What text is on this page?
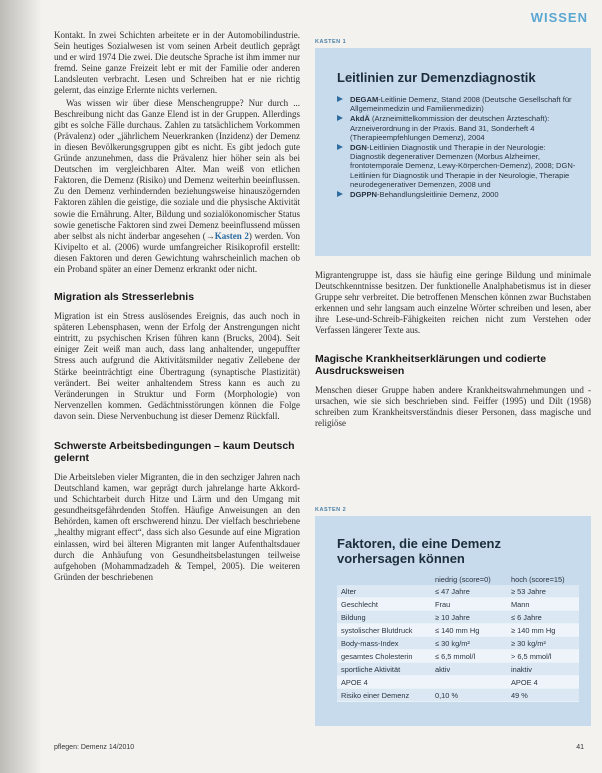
WISSEN

Kontakt. In zwei Schichten arbeitete er in der Automobilindustrie. Sein heutiges Sozialwesen ist vom seinen Arbeit deutlich geprägt und er wird 1974 Die zwei. Die deutsche Sprache ist ihm immer nur fremd. Seine ganze Freizeit lebt er mit der Familie oder anderen Landsleuten verbracht. Lesen und Schreiben hat er nie richtig gelernt, das einzige Erlernte nichts verlernen.

Was wissen wir über diese Menschengruppe? Nur durch ... Beschreibung nicht das Ganze Elend ist in der Gruppen. Allerdings gibt es solche Fälle durchaus. Zahlen zu tatsächlichem Vorkommen (Prävalenz) oder „jährlichem Neuerkranken (Inzidenz) der Demenz in diesen Bevölkerungsgruppen gibt es nicht. Es gibt jedoch gute Gründe anzunehmen, dass die Prävalenz hier höher sein als bei Deutschen im vergleichbaren Alter. Man weiß von etlichen Faktoren, die Demenz (Risiko) und Demenz weiterhin beeinflussen. Zu den Demenz verhindernden beziehungsweise hinauszögernden Faktoren zählen die geistige, die soziale und die physische Aktivität sowie die Ernährung. Alter, Bildung und sozialökonomischer Status sowie genetische Faktoren sind zwei Demenz beeinflussend müssen aber selbst als nicht änderbar angesehen (→Kasten 2) werden. Von Kivipelto et al. (2006) wurde umfangreicher Risikoprofil erstellt: diesen Faktoren und deren Gewichtung wahrscheinlich machen ob ein Proband später an einer Demenz erkrankt oder nicht.

Migration als Stresserlebnis

Migration ist ein Stress auslösendes Ereignis, das auch noch in späteren Lebensphasen, wenn der Erfolg der Anstrengungen nicht eintritt, zu psychischen Krisen führen kann (Brucks, 2004). Seit einiger Zeit weiß man auch, dass lang anhaltender, ungepuffter Stress auch aufgrund die Aktivitätsmilder negativ Zellebene der Stärke beeinträchtigt eine Übertragung (synaptische Plastizität) verändert. Bei weiter anhaltendem Stress kann es auch zu Veränderungen in Struktur und Form (Morphologie) von Nervenzellen kommen. Gedächtnisstörungen können die Folge davon sein. Diese Nervenbuchung ist dieser Demenz Rückfall.

Schwerste Arbeitsbedingungen – kaum Deutsch gelernt

Die Arbeitsleben vieler Migranten, die in den sechziger Jahren nach Deutschland kamen, war geprägt durch jahrelange harte Akkord- und Schichtarbeit durch Hitze und Lärm und den Umgang mit gesundheitsgefährdenden Stoffen. Häufige Anweisungen an den Behörden, kamen oft erschwerend hinzu. Der vielfach beschriebene „healthy migrant effect“, dass sich also Gesunde auf eine Migration einlassen, wird bei älteren Migranten mit langer Aufenthaltsdauer durch die Anhäufung von Gesundheitsbelastungen teilweise aufgehoben (Mohammadzadeh & Tempel, 2005). Die weiteren Gründen der beschriebenen

KASTEN 1
Leitlinien zur Demenzdiagnostik
DEGAM-Leitlinie Demenz, Stand 2008 (Deutsche Gesellschaft für Allgemeinmedizin und Familienmedizin)
AkdÄ (Arzneimittelkommission der deutschen Ärzteschaft): Arzneiverordnung in der Praxis. Band 31, Sonderheft 4 (Therapieempfehlungen Demenz), 2004
DGN-Leitlinien Diagnostik und Therapie in der Neurologie: Diagnostik degenerativer Demenzen (Morbus Alzheimer, frontotemporale Demenz, Lewy-Körperchen-Demenz), 2008; DGN-Leitlinien für Diagnostik und Therapie in der Neurologie, Therapie neurodegenerativer Demenzen, 2008 und
DGPPN-Behandlungsleitlinie Demenz, 2000

Migrantengruppe ist, dass sie häufig eine geringe Bildung und minimale Deutschkenntnisse besitzen. Der funktionelle Analphabetismus ist in dieser Gruppe sehr verbreitet. Die betroffenen Menschen können zwar Buchstaben erkennen und sehr langsam auch einzelne Wörter schreiben und lesen, aber ihre Lese-und-Schreib-Fähigkeiten reichen nicht zum Verstehen oder Verfassen längerer Texte aus.

Magische Krankheitserklärungen und codierte Ausdrucksweisen

Menschen dieser Gruppe haben andere Krankheitswahrnehmungen und -ursachen, wie sie sich beschrieben sind. Feiffer (1995) und Dilt (1958) schreiben zum Krankheitsverständnis dieser Personen, dass magische und religiöse

KASTEN 2
Faktoren, die eine Demenz vorhersagen können
	niedrig (score=0)	hoch (score=15)
Alter	≤ 47 Jahre	≥ 53 Jahre
Geschlecht	Frau	Mann
Bildung	≥ 10 Jahre	≤ 6 Jahre
systolischer Blutdruck	≤ 140 mm Hg	≥ 140 mm Hg
Body-mass-Index	≤ 30 kg/m²	≥ 30 kg/m²
gesamtes Cholesterin	≤ 6,5 mmol/l	> 6,5 mmol/l
sportliche Aktivität	aktiv	inaktiv
APOE 4		APOE 4
Risiko einer Demenz	0,10 %	49 %
pflegen: Demenz 14/2010	41
